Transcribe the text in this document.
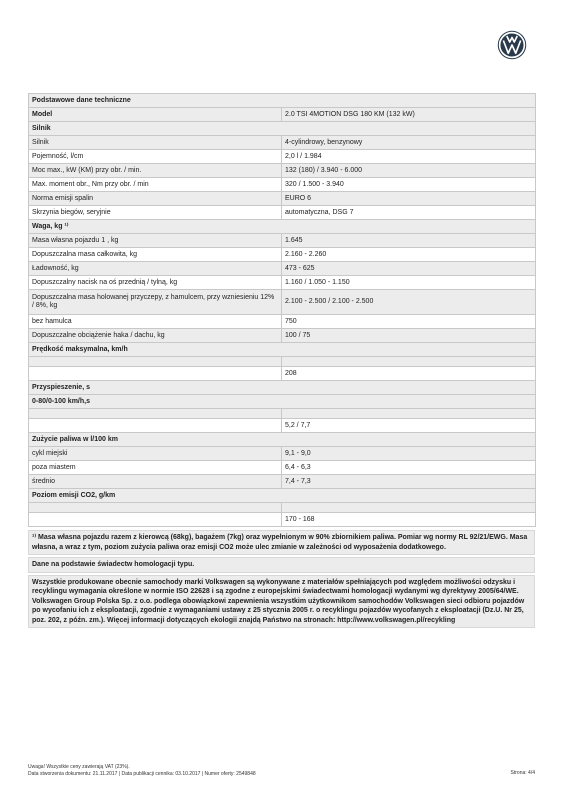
Podstawowe dane techniczne	
Model	2.0 TSI 4MOTION DSG 180 KM (132 kW)
Silnik	
Silnik	4-cylindrowy, benzynowy
Pojemność, l/cm	2,0 l / 1.984
Moc max., kW (KM) przy obr. / min.	132 (180) / 3.940 - 6.000
Max. moment obr., Nm przy obr. / min	320 / 1.500 - 3.940
Norma emisji spalin	EURO 6
Skrzynia biegów, seryjnie	automatyczna, DSG 7
Waga, kg ¹⁾	
Masa własna pojazdu 1 , kg	1.645
Dopuszczalna masa całkowita, kg	2.160 - 2.260
Ładowność, kg	473 - 625
Dopuszczalny nacisk na oś przednią / tylną, kg	1.160 / 1.050 - 1.150
Dopuszczalna masa holowanej przyczepy, z hamulcem, przy wzniesieniu 12% / 8%, kg	2.100 - 2.500 / 2.100 - 2.500
bez hamulca	750
Dopuszczalne obciążenie haka / dachu, kg	100 / 75
Prędkość maksymalna, km/h	

	208
Przyspieszenie, s	
0-80/0-100 km/h,s	

	5,2 / 7,7
Zużycie paliwa w l/100 km	
cykl miejski	9,1 - 9,0
poza miastem	6,4 - 6,3
średnio	7,4 - 7,3
Poziom emisji CO2, g/km	

	170 - 168
¹⁾ Masa własna pojazdu razem z kierowcą (68kg), bagażem (7kg) oraz wypełnionym w 90% zbiornikiem paliwa. Pomiar wg normy RL 92/21/EWG. Masa własna, a wraz z tym, poziom zużycia paliwa oraz emisji CO2 może ulec zmianie w zależności od wyposażenia dodatkowego.
Dane na podstawie świadectw homologacji typu.
Wszystkie produkowane obecnie samochody marki Volkswagen są wykonywane z materiałów spełniających pod względem możliwości odzysku i recyklingu wymagania określone w normie ISO 22628 i są zgodne z europejskimi świadectwami homologacji wydanymi wg dyrektywy 2005/64/WE. Volkswagen Group Polska Sp. z o.o. podlega obowiązkowi zapewnienia wszystkim użytkownikom samochodów Volkswagen sieci odbioru pojazdów po wycofaniu ich z eksploatacji, zgodnie z wymaganiami ustawy z 25 stycznia 2005 r. o recyklingu pojazdów wycofanych z eksploatacji (Dz.U. Nr 25, poz. 202, z późn. zm.). Więcej informacji dotyczących ekologii znajdą Państwo na stronach: http://www.volkswagen.pl/recykling
Uwaga! Wszystkie ceny zawierają VAT (23%).
Data stworzenia dokumentu: 21.11.2017 | Data publikacji cennika: 03.10.2017 | Numer oferty: 2549848	Strona: 4/4
